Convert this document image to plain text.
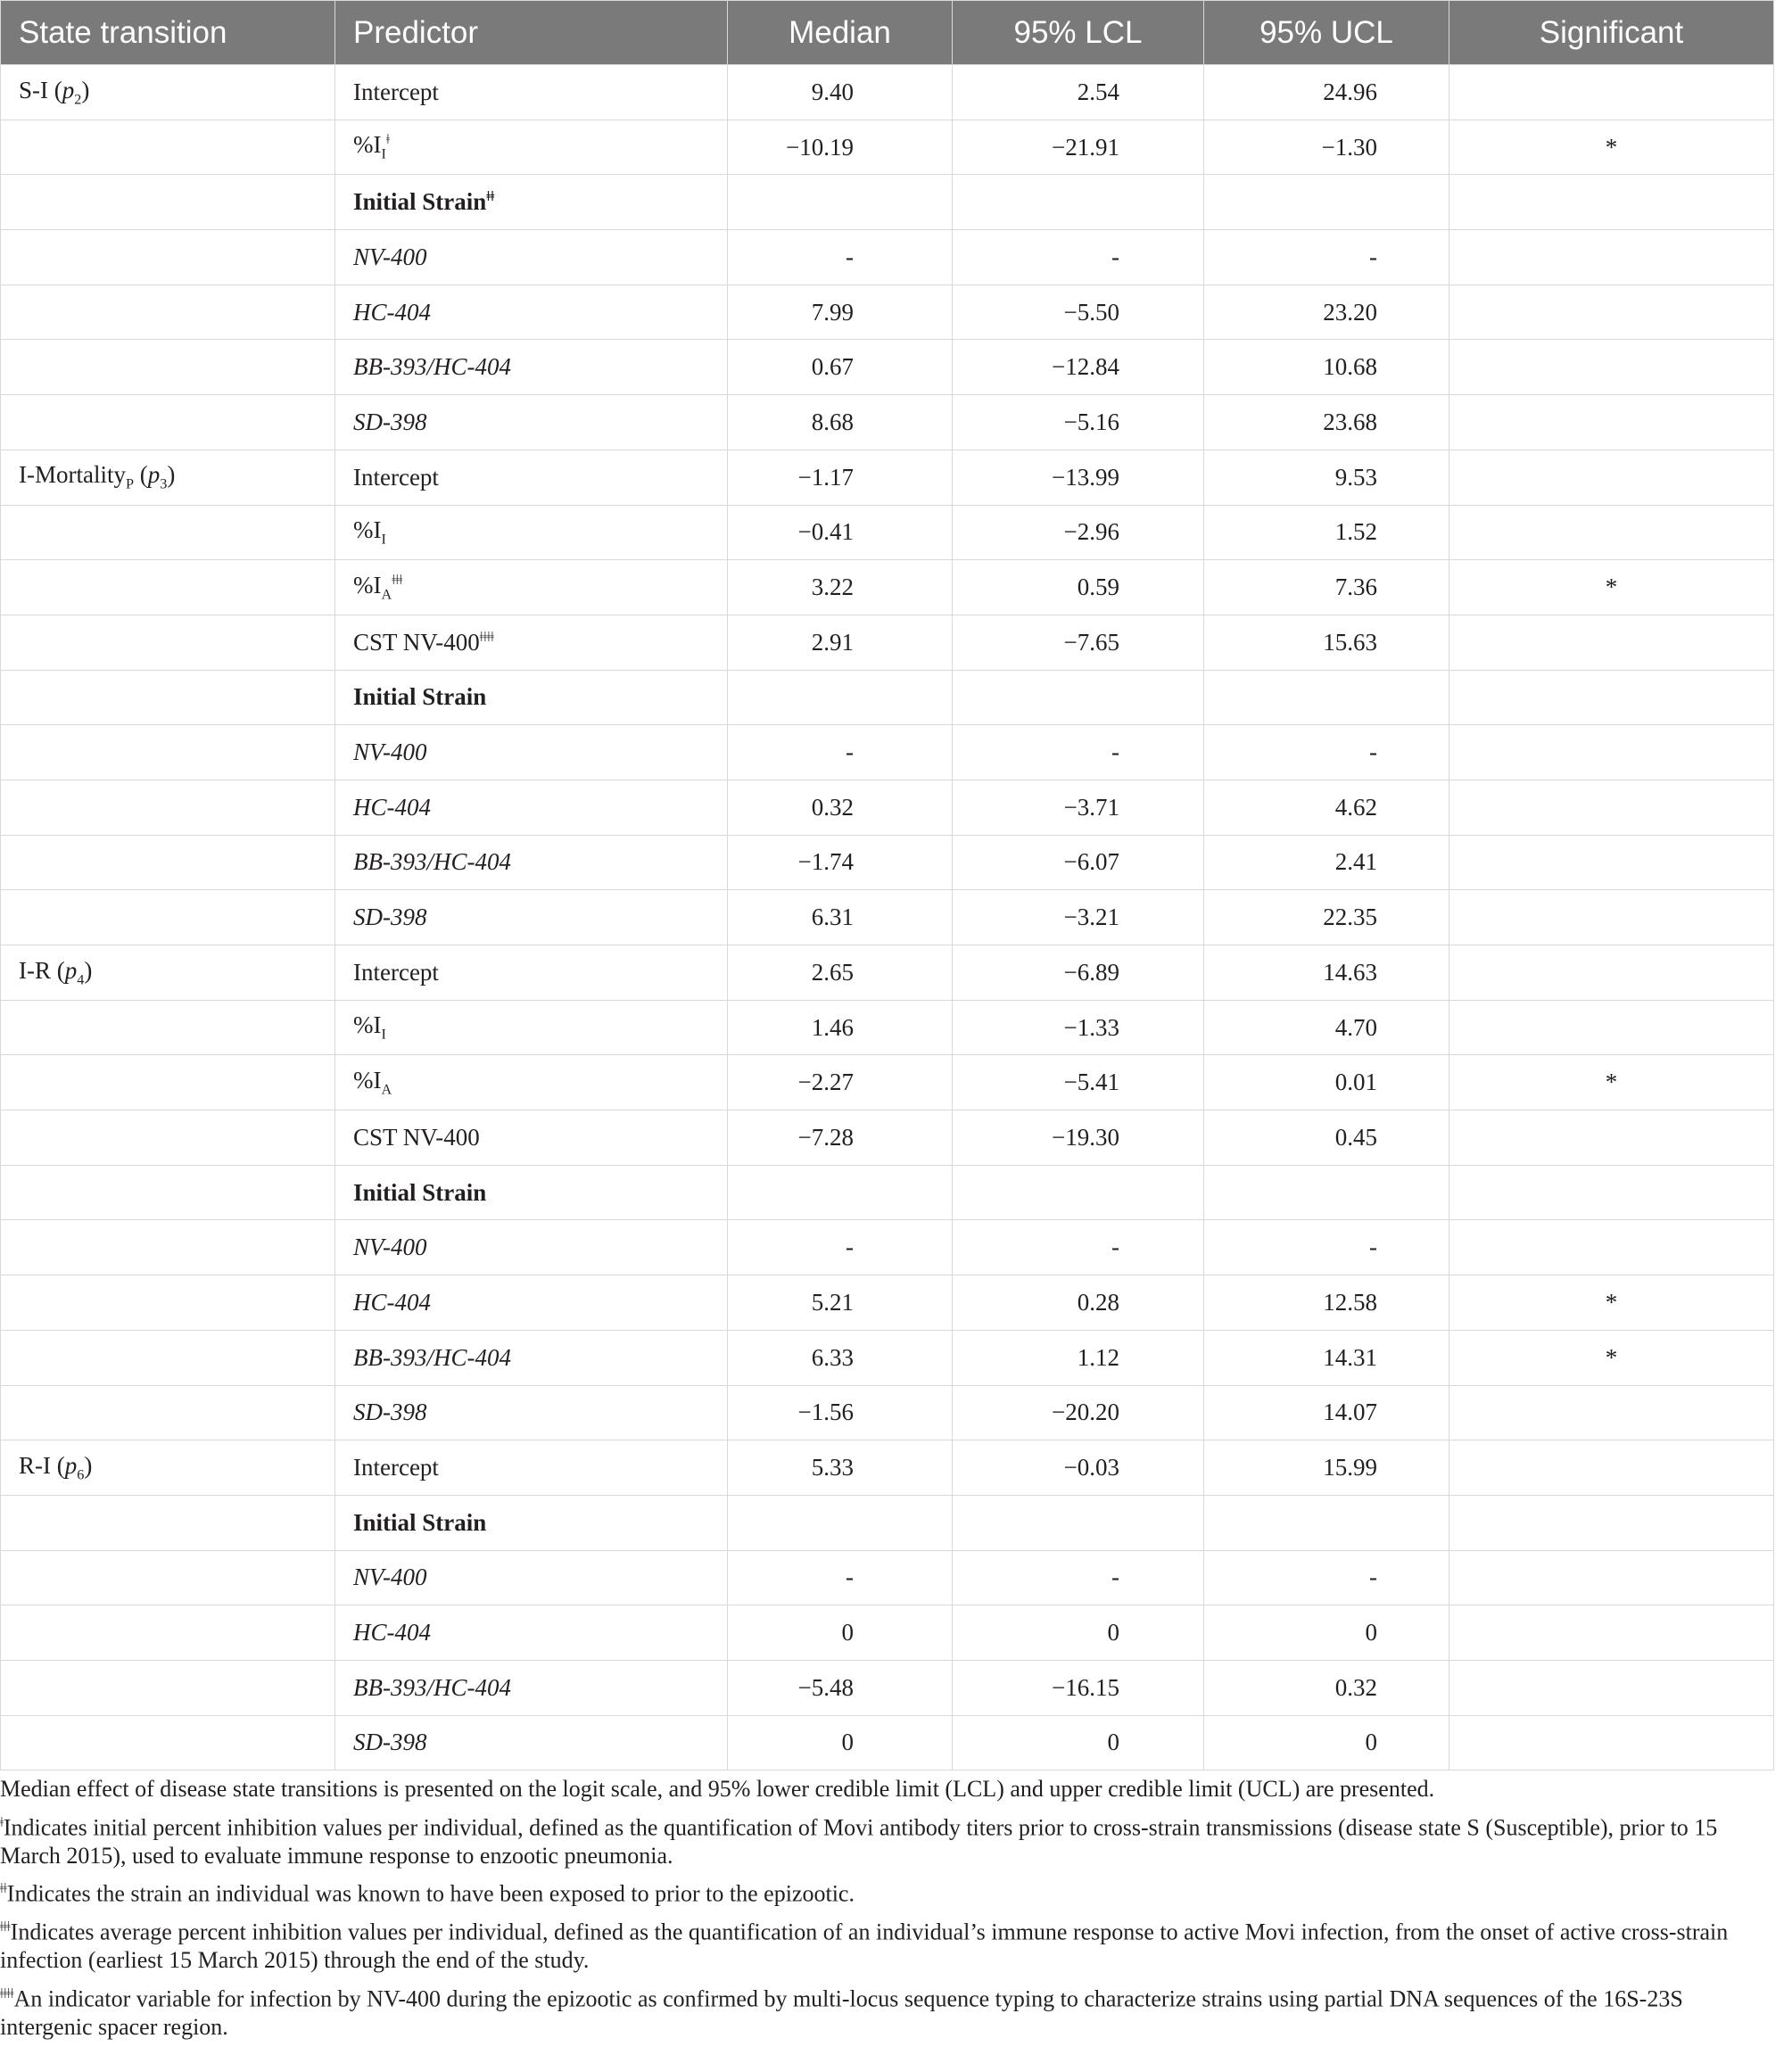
State transition	Predictor	Median	95% LCL	95% UCL	Significant
S-I $(p_2)$	Intercept	9.40	2.54	24.96	
	$\%I_I^ǂ$	−10.19	−21.91	−1.30	*
	Initial Strain$^{ǂǂ}$				
	NV-400	-	-	-	
	HC-404	7.99	−5.50	23.20	
	BB-393/HC-404	0.67	−12.84	10.68	
	SD-398	8.68	−5.16	23.68	
I-Mortality$_P$ $(p_3)$	Intercept	−1.17	−13.99	9.53	
	$\%I_I$	−0.41	−2.96	1.52	
	$\%I_A^{ǂǂǂ}$	3.22	0.59	7.36	*
	CST $NV-400^{ǂǂǂǂ}$	2.91	−7.65	15.63	
	Initial Strain				
	NV-400	-	-	-	
	HC-404	0.32	−3.71	4.62	
	BB-393/HC-404	−1.74	−6.07	2.41	
	SD-398	6.31	−3.21	22.35	
I-R $(p_4)$	Intercept	2.65	−6.89	14.63	
	$\%I_I$	1.46	−1.33	4.70	
	$\%I_A$	−2.27	−5.41	0.01	*
	CST NV-400	−7.28	−19.30	0.45	
	Initial Strain				
	NV-400	-	-	-	
	HC-404	5.21	0.28	12.58	*
	BB-393/HC-404	6.33	1.12	14.31	*
	SD-398	−1.56	−20.20	14.07	
R-I $(p_6)$	Intercept	5.33	−0.03	15.99	
	Initial Strain				
	NV-400	-	-	-	
	HC-404	0	0	0	
	BB-393/HC-404	−5.48	−16.15	0.32	
	SD-398	0	0	0	

Median effect of disease state transitions is presented on the logit scale, and 95% lower credible limit (LCL) and upper credible limit (UCL) are presented.

$^ǂ$Indicates initial percent inhibition values per individual, defined as the quantification of Movi antibody titers prior to cross-strain transmissions (disease state S (Susceptible), prior to 15 March 2015), used to evaluate immune response to enzootic pneumonia.

$^{ǂǂ}$Indicates the strain an individual was known to have been exposed to prior to the epizootic.

$^{ǂǂǂ}$Indicates average percent inhibition values per individual, defined as the quantification of an individual’s immune response to active Movi infection, from the onset of active cross-strain infection (earliest 15 March 2015) through the end of the study.

$^{ǂǂǂǂ}$An indicator variable for infection by NV-400 during the epizootic as confirmed by multi-locus sequence typing to characterize strains using partial DNA sequences of the 16S-23S intergenic spacer region.
